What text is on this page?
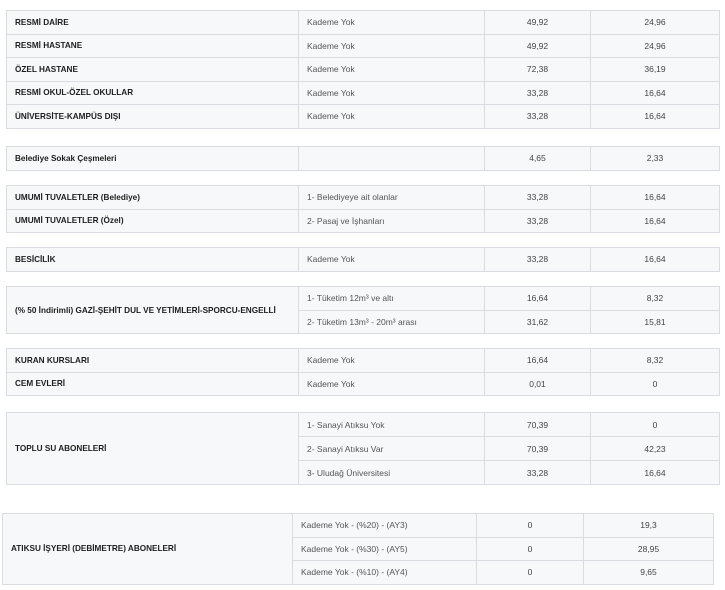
RESMİ DAİRE	Kademe Yok	49,92	24,96
RESMİ HASTANE	Kademe Yok	49,92	24,96
ÖZEL HASTANE	Kademe Yok	72,38	36,19
RESMİ OKUL-ÖZEL OKULLAR	Kademe Yok	33,28	16,64
ÜNİVERSİTE-KAMPÜS DIŞI	Kademe Yok	33,28	16,64
Belediye Sokak Çeşmeleri		4,65	2,33
UMUMİ TUVALETLER (Belediye)	1- Belediyeye ait olanlar	33,28	16,64
UMUMİ TUVALETLER (Özel)	2- Pasaj ve İşhanları	33,28	16,64
BESİCİLİK	Kademe Yok	33,28	16,64
(% 50 İndirimli) GAZİ-ŞEHİT DUL VE YETİMLERİ-SPORCU-ENGELLİ	1- Tüketim 12m³ ve altı	16,64	8,32
	2- Tüketim 13m³ - 20m³ arası	31,62	15,81
KURAN KURSLARI	Kademe Yok	16,64	8,32
CEM EVLERİ	Kademe Yok	0,01	0
TOPLU SU ABONELERİ	1- Sanayi Atıksu Yok	70,39	0
	2- Sanayi Atıksu Var	70,39	42,23
	3- Uludağ Üniversitesi	33,28	16,64
ATIKSU İŞYERİ (DEBİMETRE) ABONELERİ	Kademe Yok - (%20) - (AY3)	0	19,3
	Kademe Yok - (%30) - (AY5)	0	28,95
	Kademe Yok - (%10) - (AY4)	0	9,65
